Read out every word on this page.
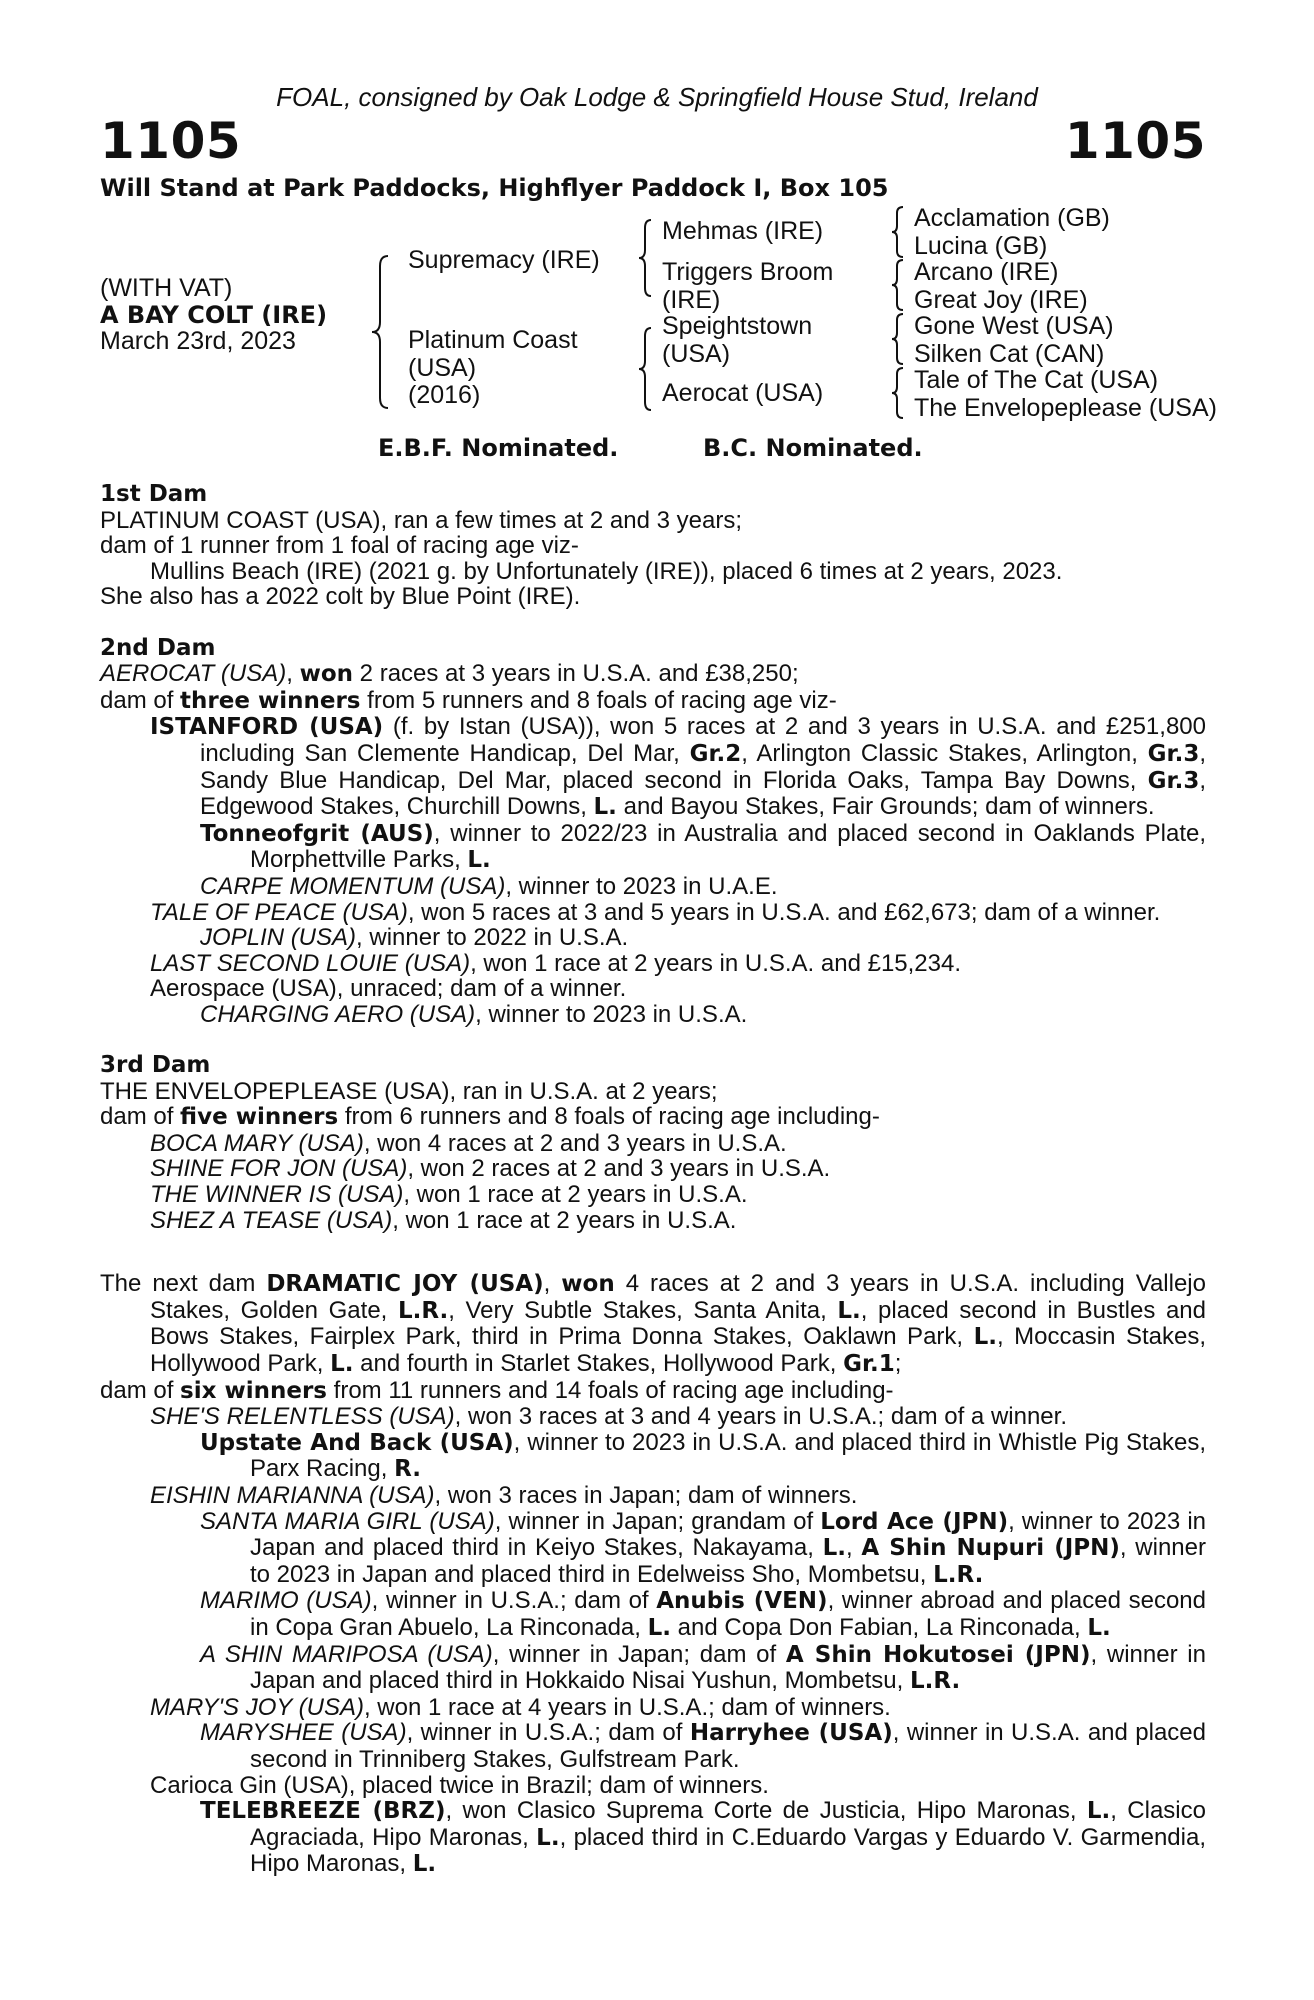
FOAL, consigned by Oak Lodge & Springfield House Stud, Ireland
1105	1105
Will Stand at Park Paddocks, Highflyer Paddock I, Box 105
(WITH VAT)
A BAY COLT (IRE)
March 23rd, 2023
Supremacy (IRE)
Platinum Coast
(USA)
(2016)
Mehmas (IRE)
Triggers Broom
(IRE)
Speightstown
(USA)
Aerocat (USA)
Acclamation (GB)
Lucina (GB)
Arcano (IRE)
Great Joy (IRE)
Gone West (USA)
Silken Cat (CAN)
Tale of The Cat (USA)
The Envelopeplease (USA)
E.B.F. Nominated.	B.C. Nominated.
1st Dam
PLATINUM COAST (USA), ran a few times at 2 and 3 years;
dam of 1 runner from 1 foal of racing age viz-
Mullins Beach (IRE) (2021 g. by Unfortunately (IRE)), placed 6 times at 2 years, 2023.
She also has a 2022 colt by Blue Point (IRE).
2nd Dam
AEROCAT (USA), won 2 races at 3 years in U.S.A. and £38,250;
dam of three winners from 5 runners and 8 foals of racing age viz-
ISTANFORD (USA) (f. by Istan (USA)), won 5 races at 2 and 3 years in U.S.A. and £251,800 including San Clemente Handicap, Del Mar, Gr.2, Arlington Classic Stakes, Arlington, Gr.3, Sandy Blue Handicap, Del Mar, placed second in Florida Oaks, Tampa Bay Downs, Gr.3, Edgewood Stakes, Churchill Downs, L. and Bayou Stakes, Fair Grounds; dam of winners.
Tonneofgrit (AUS), winner to 2022/23 in Australia and placed second in Oaklands Plate, Morphettville Parks, L.
CARPE MOMENTUM (USA), winner to 2023 in U.A.E.
TALE OF PEACE (USA), won 5 races at 3 and 5 years in U.S.A. and £62,673; dam of a winner.
JOPLIN (USA), winner to 2022 in U.S.A.
LAST SECOND LOUIE (USA), won 1 race at 2 years in U.S.A. and £15,234.
Aerospace (USA), unraced; dam of a winner.
CHARGING AERO (USA), winner to 2023 in U.S.A.
3rd Dam
THE ENVELOPEPLEASE (USA), ran in U.S.A. at 2 years;
dam of five winners from 6 runners and 8 foals of racing age including-
BOCA MARY (USA), won 4 races at 2 and 3 years in U.S.A.
SHINE FOR JON (USA), won 2 races at 2 and 3 years in U.S.A.
THE WINNER IS (USA), won 1 race at 2 years in U.S.A.
SHEZ A TEASE (USA), won 1 race at 2 years in U.S.A.
The next dam DRAMATIC JOY (USA), won 4 races at 2 and 3 years in U.S.A. including Vallejo Stakes, Golden Gate, L.R., Very Subtle Stakes, Santa Anita, L., placed second in Bustles and Bows Stakes, Fairplex Park, third in Prima Donna Stakes, Oaklawn Park, L., Moccasin Stakes, Hollywood Park, L. and fourth in Starlet Stakes, Hollywood Park, Gr.1;
dam of six winners from 11 runners and 14 foals of racing age including-
SHE'S RELENTLESS (USA), won 3 races at 3 and 4 years in U.S.A.; dam of a winner.
Upstate And Back (USA), winner to 2023 in U.S.A. and placed third in Whistle Pig Stakes, Parx Racing, R.
EISHIN MARIANNA (USA), won 3 races in Japan; dam of winners.
SANTA MARIA GIRL (USA), winner in Japan; grandam of Lord Ace (JPN), winner to 2023 in Japan and placed third in Keiyo Stakes, Nakayama, L., A Shin Nupuri (JPN), winner to 2023 in Japan and placed third in Edelweiss Sho, Mombetsu, L.R.
MARIMO (USA), winner in U.S.A.; dam of Anubis (VEN), winner abroad and placed second in Copa Gran Abuelo, La Rinconada, L. and Copa Don Fabian, La Rinconada, L.
A SHIN MARIPOSA (USA), winner in Japan; dam of A Shin Hokutosei (JPN), winner in Japan and placed third in Hokkaido Nisai Yushun, Mombetsu, L.R.
MARY'S JOY (USA), won 1 race at 4 years in U.S.A.; dam of winners.
MARYSHEE (USA), winner in U.S.A.; dam of Harryhee (USA), winner in U.S.A. and placed second in Trinniberg Stakes, Gulfstream Park.
Carioca Gin (USA), placed twice in Brazil; dam of winners.
TELEBREEZE (BRZ), won Clasico Suprema Corte de Justicia, Hipo Maronas, L., Clasico Agraciada, Hipo Maronas, L., placed third in C.Eduardo Vargas y Eduardo V. Garmendia, Hipo Maronas, L.
